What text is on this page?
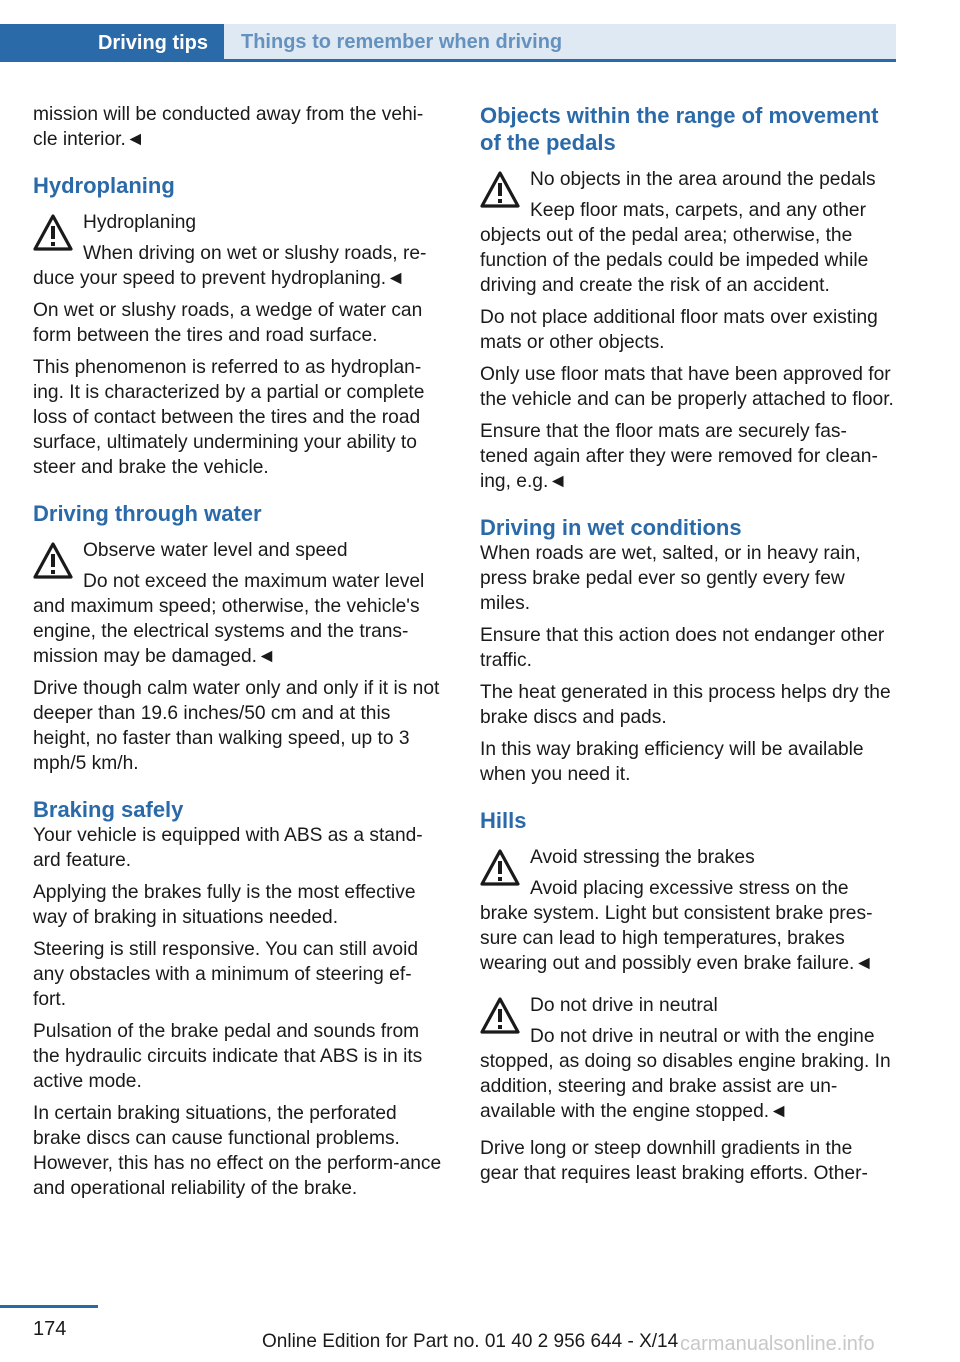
Driving tips	Things to remember when driving

mission will be conducted away from the vehi‐cle interior.◄

Hydroplaning
Hydroplaning
When driving on wet or slushy roads, re‐duce your speed to prevent hydroplaning.◄

On wet or slushy roads, a wedge of water can form between the tires and road surface.

This phenomenon is referred to as hydroplan‐ing. It is characterized by a partial or complete loss of contact between the tires and the road surface, ultimately undermining your ability to steer and brake the vehicle.

Driving through water
Observe water level and speed
Do not exceed the maximum water level and maximum speed; otherwise, the vehicle's engine, the electrical systems and the trans‐mission may be damaged.◄

Drive though calm water only and only if it is not deeper than 19.6 inches/50 cm and at this height, no faster than walking speed, up to 3 mph/5 km/h.

Braking safely

Your vehicle is equipped with ABS as a stand‐ard feature.

Applying the brakes fully is the most effective way of braking in situations needed.

Steering is still responsive. You can still avoid any obstacles with a minimum of steering ef‐fort.

Pulsation of the brake pedal and sounds from the hydraulic circuits indicate that ABS is in its active mode.

In certain braking situations, the perforated brake discs can cause functional problems. However, this has no effect on the perform‐ance and operational reliability of the brake.

Objects within the range of movement of the pedals
No objects in the area around the pedals
Keep floor mats, carpets, and any other objects out of the pedal area; otherwise, the function of the pedals could be impeded while driving and create the risk of an accident.

Do not place additional floor mats over existing mats or other objects.

Only use floor mats that have been approved for the vehicle and can be properly attached to floor.

Ensure that the floor mats are securely fas‐tened again after they were removed for clean‐ing, e.g.◄

Driving in wet conditions

When roads are wet, salted, or in heavy rain, press brake pedal ever so gently every few miles.

Ensure that this action does not endanger other traffic.

The heat generated in this process helps dry the brake discs and pads.

In this way braking efficiency will be available when you need it.

Hills
Avoid stressing the brakes
Avoid placing excessive stress on the brake system. Light but consistent brake pres‐sure can lead to high temperatures, brakes wearing out and possibly even brake failure.◄
Do not drive in neutral
Do not drive in neutral or with the engine stopped, as doing so disables engine braking. In addition, steering and brake assist are un‐available with the engine stopped.◄

Drive long or steep downhill gradients in the gear that requires least braking efforts. Other‐

174
Online Edition for Part no. 01 40 2 956 644 - X/14 carmanualsonline.info
